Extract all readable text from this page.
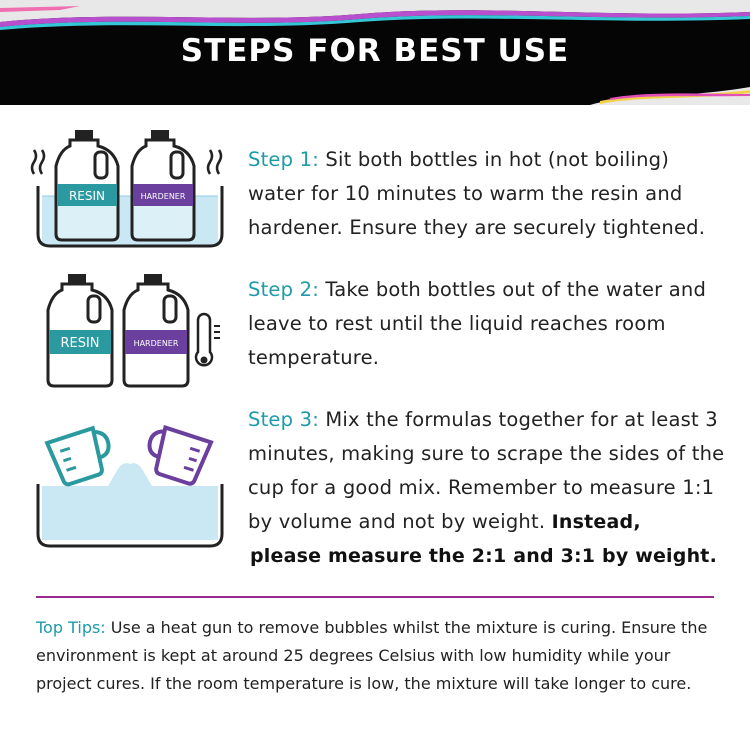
STEPS FOR BEST USE
RESIN	HARDENER
RESIN	HARDENER
Step 1: Sit both bottles in hot (not boiling) water for 10 minutes to warm the resin and hardener. Ensure they are securely tightened.
Step 2: Take both bottles out of the water and leave to rest until the liquid reaches room temperature.
Step 3: Mix the formulas together for at least 3 minutes, making sure to scrape the sides of the cup for a good mix. Remember to measure 1:1 by volume and not by weight. Instead,
please measure the 2:1 and 3:1 by weight.
Top Tips: Use a heat gun to remove bubbles whilst the mixture is curing. Ensure the environment is kept at around 25 degrees Celsius with low humidity while your project cures. If the room temperature is low, the mixture will take longer to cure.
